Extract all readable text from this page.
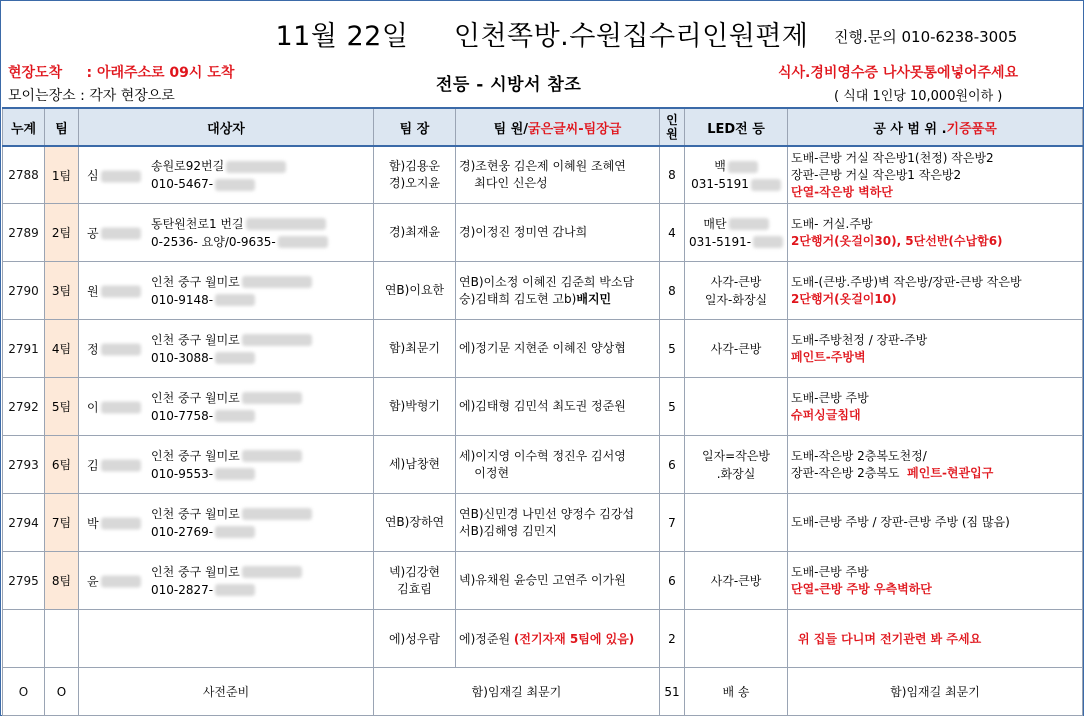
11월 22일     인천쪽방.수원집수리인원편제	진행.문의 010-6238-3005
현장도착     : 아래주소로 09시 도착
모이는장소 : 각자 현장으로
전등 - 시방서 참조
식사.경비영수증 나사못통에넣어주세요
( 식대 1인당 10,000원이하 )
누계	팀	대상자	팀 장	팀 원/굵은글씨-팀장급	인
원	LED전 등	공 사 범 위 .기증품목
2788	1팀	심
송원로92번길
010-5467-	함)김용운
경)오지윤	경)조현웅 김은제 이혜원 조혜연
최다인 신은성	8	백
031-5191	도배-큰방 거실 작은방1(천정) 작은방2
장판-큰방 거실 작은방1 작은방2
단열-작은방 벽하단
2789	2팀	공
동탄원천로1 번길
0-2536- 요양/0-9635-	경)최재윤	경)이정진 정미연 감나희	4	매탄
031-5191-	도배- 거실.주방
2단행거(옷걸이30), 5단선반(수납함6)
2790	3팀	원
인천 중구 월미로
010-9148-	연B)이요한	연B)이소정 이혜진 김준희 박소담
숭)김태희 김도현 고b)배지민	8	사각-큰방
일자-화장실	도배-(큰방.주방)벽 작은방/장판-큰방 작은방
2단행거(옷걸이10)
2791	4팀	정
인천 중구 월미로
010-3088-	함)최문기	에)정기문 지현준 이혜진 양상협	5	사각-큰방	도배-주방천정 / 장판-주방
페인트-주방벽
2792	5팀	이
인천 중구 월미로
010-7758-	함)박형기	에)김태형 김민석 최도권 정준원	5		도배-큰방 주방
슈퍼싱글침대
2793	6팀	김
인천 중구 월미로
010-9553-	세)남창현	세)이지영 이수혁 정진우 김서영
이정현	6	일자=작은방
.화장실	도배-작은방 2층복도천정/
장판-작은방 2층복도 페인트-현관입구
2794	7팀	박
인천 중구 월미로
010-2769-	연B)장하연	연B)신민경 나민선 양정수 김강섭
서B)김해영 김민지	7		도배-큰방 주방 / 장판-큰방 주방 (짐 많음)
2795	8팀	윤
인천 중구 월미로
010-2827-	넥)김강현
김효림	넥)유채원 윤승민 고연주 이가원	6	사각-큰방	도배-큰방 주방
단열-큰방 주방 우측벽하단
			에)성우람	에)정준원 (전기자재 5팀에 있음)	2		위 집들 다니며 전기관련 봐 주세요
O	O	사전준비	함)임재길 최문기		51	배 송	함)임재길 최문기
